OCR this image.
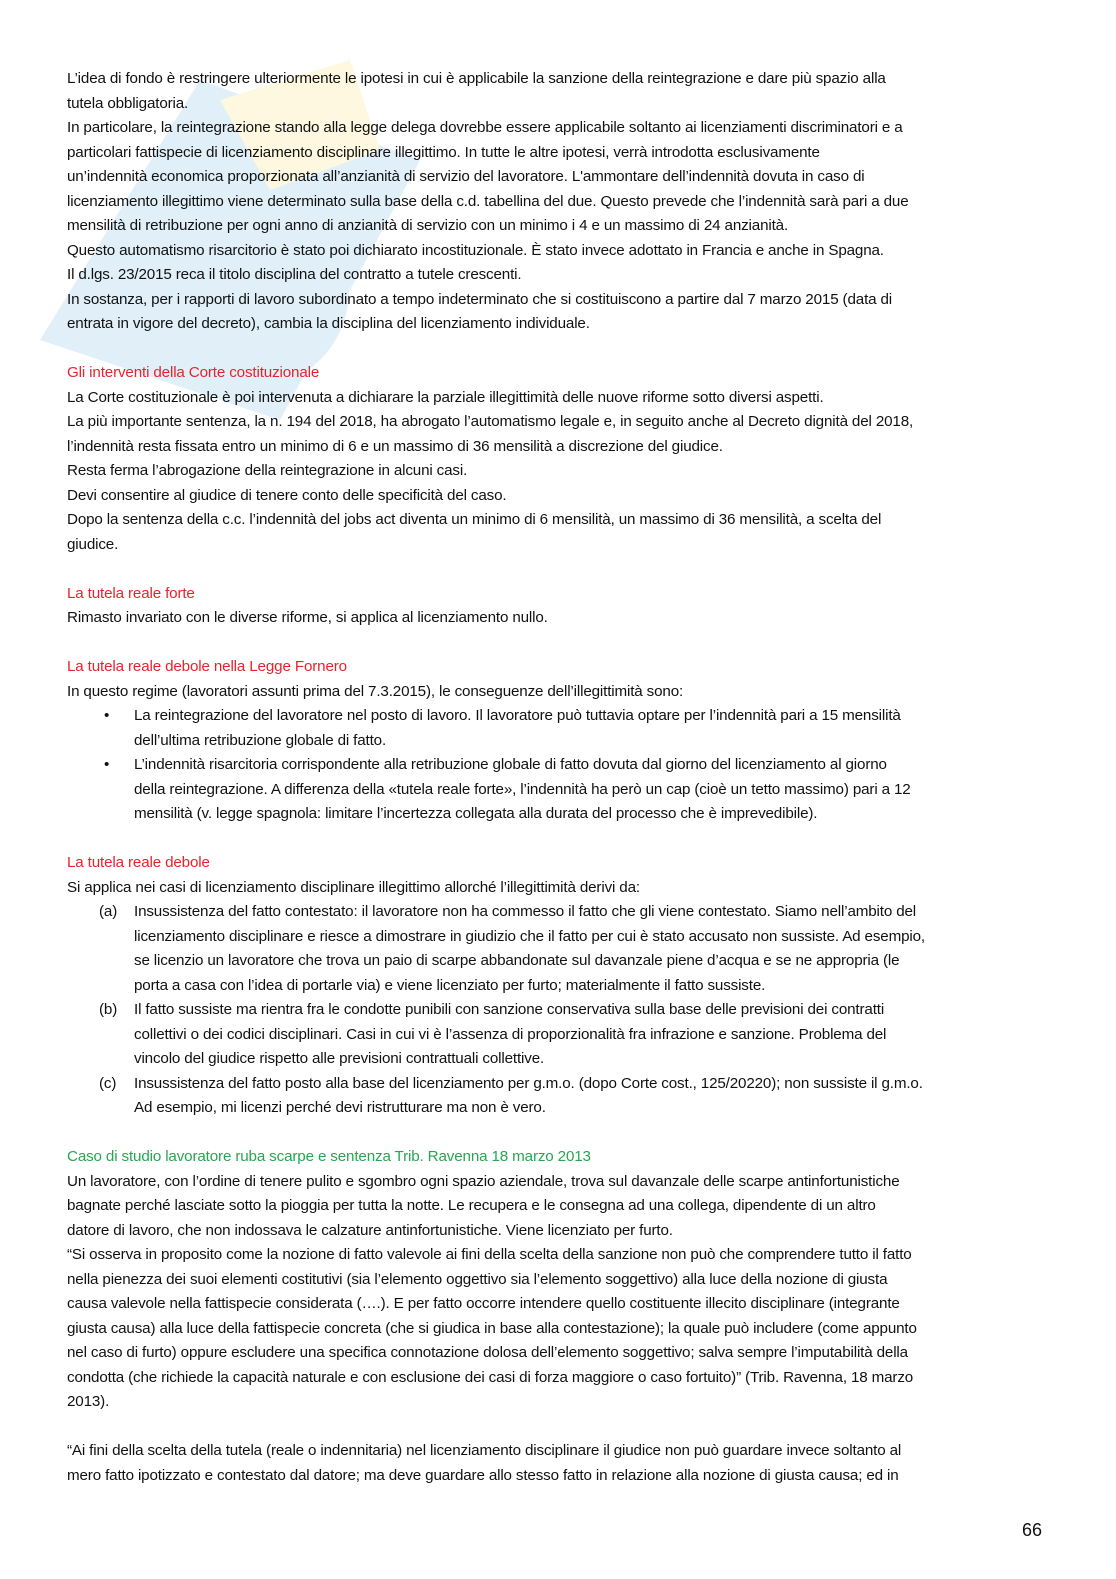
L’idea di fondo è restringere ulteriormente le ipotesi in cui è applicabile la sanzione della reintegrazione e dare più spazio alla
tutela obbligatoria.
In particolare, la reintegrazione stando alla legge delega dovrebbe essere applicabile soltanto ai licenziamenti discriminatori e a
particolari fattispecie di licenziamento disciplinare illegittimo. In tutte le altre ipotesi, verrà introdotta esclusivamente
un’indennità economica proporzionata all’anzianità di servizio del lavoratore. L'ammontare dell’indennità dovuta in caso di
licenziamento illegittimo viene determinato sulla base della c.d. tabellina del due. Questo prevede che l’indennità sarà pari a due
mensilità di retribuzione per ogni anno di anzianità di servizio con un minimo i 4 e un massimo di 24 anzianità.
Questo automatismo risarcitorio è stato poi dichiarato incostituzionale. È stato invece adottato in Francia e anche in Spagna.
Il d.lgs. 23/2015 reca il titolo disciplina del contratto a tutele crescenti.
In sostanza, per i rapporti di lavoro subordinato a tempo indeterminato che si costituiscono a partire dal 7 marzo 2015 (data di
entrata in vigore del decreto), cambia la disciplina del licenziamento individuale.
Gli interventi della Corte costituzionale
La Corte costituzionale è poi intervenuta a dichiarare la parziale illegittimità delle nuove riforme sotto diversi aspetti.
La più importante sentenza, la n. 194 del 2018, ha abrogato l’automatismo legale e, in seguito anche al Decreto dignità del 2018,
l’indennità resta fissata entro un minimo di 6 e un massimo di 36 mensilità a discrezione del giudice.
Resta ferma l’abrogazione della reintegrazione in alcuni casi.
Devi consentire al giudice di tenere conto delle specificità del caso.
Dopo la sentenza della c.c. l’indennità del jobs act diventa un minimo di 6 mensilità, un massimo di 36 mensilità, a scelta del
giudice.
La tutela reale forte
Rimasto invariato con le diverse riforme, si applica al licenziamento nullo.
La tutela reale debole nella Legge Fornero
In questo regime (lavoratori assunti prima del 7.3.2015), le conseguenze dell’illegittimità sono:
• La reintegrazione del lavoratore nel posto di lavoro. Il lavoratore può tuttavia optare per l’indennità pari a 15 mensilità
dell’ultima retribuzione globale di fatto.
• L’indennità risarcitoria corrispondente alla retribuzione globale di fatto dovuta dal giorno del licenziamento al giorno
della reintegrazione. A differenza della «tutela reale forte», l’indennità ha però un cap (cioè un tetto massimo) pari a 12
mensilità (v. legge spagnola: limitare l’incertezza collegata alla durata del processo che è imprevedibile).
La tutela reale debole
Si applica nei casi di licenziamento disciplinare illegittimo allorché l’illegittimità derivi da:
(a) Insussistenza del fatto contestato: il lavoratore non ha commesso il fatto che gli viene contestato. Siamo nell’ambito del
licenziamento disciplinare e riesce a dimostrare in giudizio che il fatto per cui è stato accusato non sussiste. Ad esempio,
se licenzio un lavoratore che trova un paio di scarpe abbandonate sul davanzale piene d’acqua e se ne appropria (le
porta a casa con l’idea di portarle via) e viene licenziato per furto; materialmente il fatto sussiste.
(b) Il fatto sussiste ma rientra fra le condotte punibili con sanzione conservativa sulla base delle previsioni dei contratti
collettivi o dei codici disciplinari. Casi in cui vi è l’assenza di proporzionalità fra infrazione e sanzione. Problema del
vincolo del giudice rispetto alle previsioni contrattuali collettive.
(c) Insussistenza del fatto posto alla base del licenziamento per g.m.o. (dopo Corte cost., 125/20220); non sussiste il g.m.o.
Ad esempio, mi licenzi perché devi ristrutturare ma non è vero.
Caso di studio lavoratore ruba scarpe e sentenza Trib. Ravenna 18 marzo 2013
Un lavoratore, con l’ordine di tenere pulito e sgombro ogni spazio aziendale, trova sul davanzale delle scarpe antinfortunistiche
bagnate perché lasciate sotto la pioggia per tutta la notte. Le recupera e le consegna ad una collega, dipendente di un altro
datore di lavoro, che non indossava le calzature antinfortunistiche. Viene licenziato per furto.
“Si osserva in proposito come la nozione di fatto valevole ai fini della scelta della sanzione non può che comprendere tutto il fatto
nella pienezza dei suoi elementi costitutivi (sia l’elemento oggettivo sia l’elemento soggettivo) alla luce della nozione di giusta
causa valevole nella fattispecie considerata (….). E per fatto occorre intendere quello costituente illecito disciplinare (integrante
giusta causa) alla luce della fattispecie concreta (che si giudica in base alla contestazione); la quale può includere (come appunto
nel caso di furto) oppure escludere una specifica connotazione dolosa dell’elemento soggettivo; salva sempre l’imputabilità della
condotta (che richiede la capacità naturale e con esclusione dei casi di forza maggiore o caso fortuito)” (Trib. Ravenna, 18 marzo
2013).
“Ai fini della scelta della tutela (reale o indennitaria) nel licenziamento disciplinare il giudice non può guardare invece soltanto al
mero fatto ipotizzato e contestato dal datore; ma deve guardare allo stesso fatto in relazione alla nozione di giusta causa; ed in
66
